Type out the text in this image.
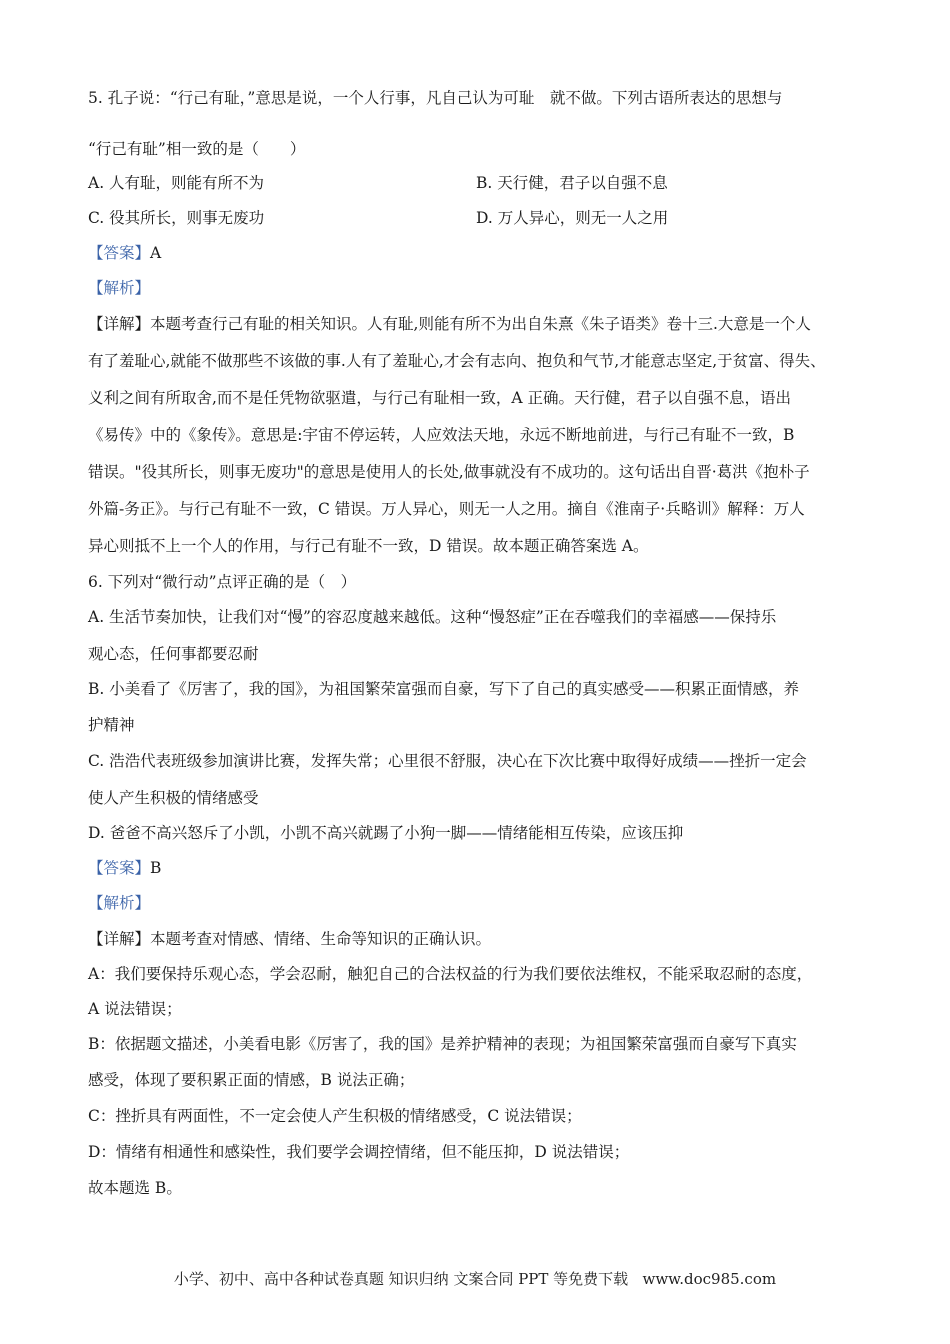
5. 孔子说：“行己有耻，”意思是说，一个人行事，凡自己认为可耻　就不做。下列古语所表达的思想与
“行己有耻”相一致的是（　　）
A. 人有耻，则能有所不为	B. 天行健，君子以自强不息
C. 役其所长，则事无废功	D. 万人异心，则无一人之用
【答案】A
【解析】
【详解】本题考查行己有耻的相关知识。人有耻,则能有所不为出自朱熹《朱子语类》卷十三.大意是一个人
有了羞耻心,就能不做那些不该做的事.人有了羞耻心,才会有志向、抱负和气节,才能意志坚定,于贫富、得失、
义利之间有所取舍,而不是任凭物欲驱遣，与行己有耻相一致，A 正确。天行健，君子以自强不息，语出
《易传》中的《象传》。意思是:宇宙不停运转，人应效法天地，永远不断地前进，与行己有耻不一致，B
错误。"役其所长，则事无废功"的意思是使用人的长处,做事就没有不成功的。这句话出自晋·葛洪《抱朴子
外篇-务正》。与行己有耻不一致，C 错误。万人异心，则无一人之用。摘自《淮南子·兵略训》解释：万人
异心则抵不上一个人的作用，与行己有耻不一致，D 错误。故本题正确答案选 A。
6. 下列对“微行动”点评正确的是（　）
A. 生活节奏加快，让我们对“慢”的容忍度越来越低。这种“慢怒症”正在吞噬我们的幸福感——保持乐
观心态，任何事都要忍耐
B. 小美看了《厉害了，我的国》，为祖国繁荣富强而自豪，写下了自己的真实感受——积累正面情感，养
护精神
C. 浩浩代表班级参加演讲比赛，发挥失常；心里很不舒服，决心在下次比赛中取得好成绩——挫折一定会
使人产生积极的情绪感受
D. 爸爸不高兴怒斥了小凯，小凯不高兴就踢了小狗一脚——情绪能相互传染，应该压抑
【答案】B
【解析】
【详解】本题考查对情感、情绪、生命等知识的正确认识。
A：我们要保持乐观心态，学会忍耐，触犯自己的合法权益的行为我们要依法维权，不能采取忍耐的态度，
A 说法错误；
B：依据题文描述，小美看电影《厉害了，我的国》是养护精神的表现；为祖国繁荣富强而自豪写下真实
感受，体现了要积累正面的情感，B 说法正确；
C：挫折具有两面性，不一定会使人产生积极的情绪感受，C 说法错误；
D：情绪有相通性和感染性，我们要学会调控情绪，但不能压抑，D 说法错误；
故本题选 B。
小学、初中、高中各种试卷真题 知识归纳 文案合同 PPT 等免费下载 www.doc985.com
